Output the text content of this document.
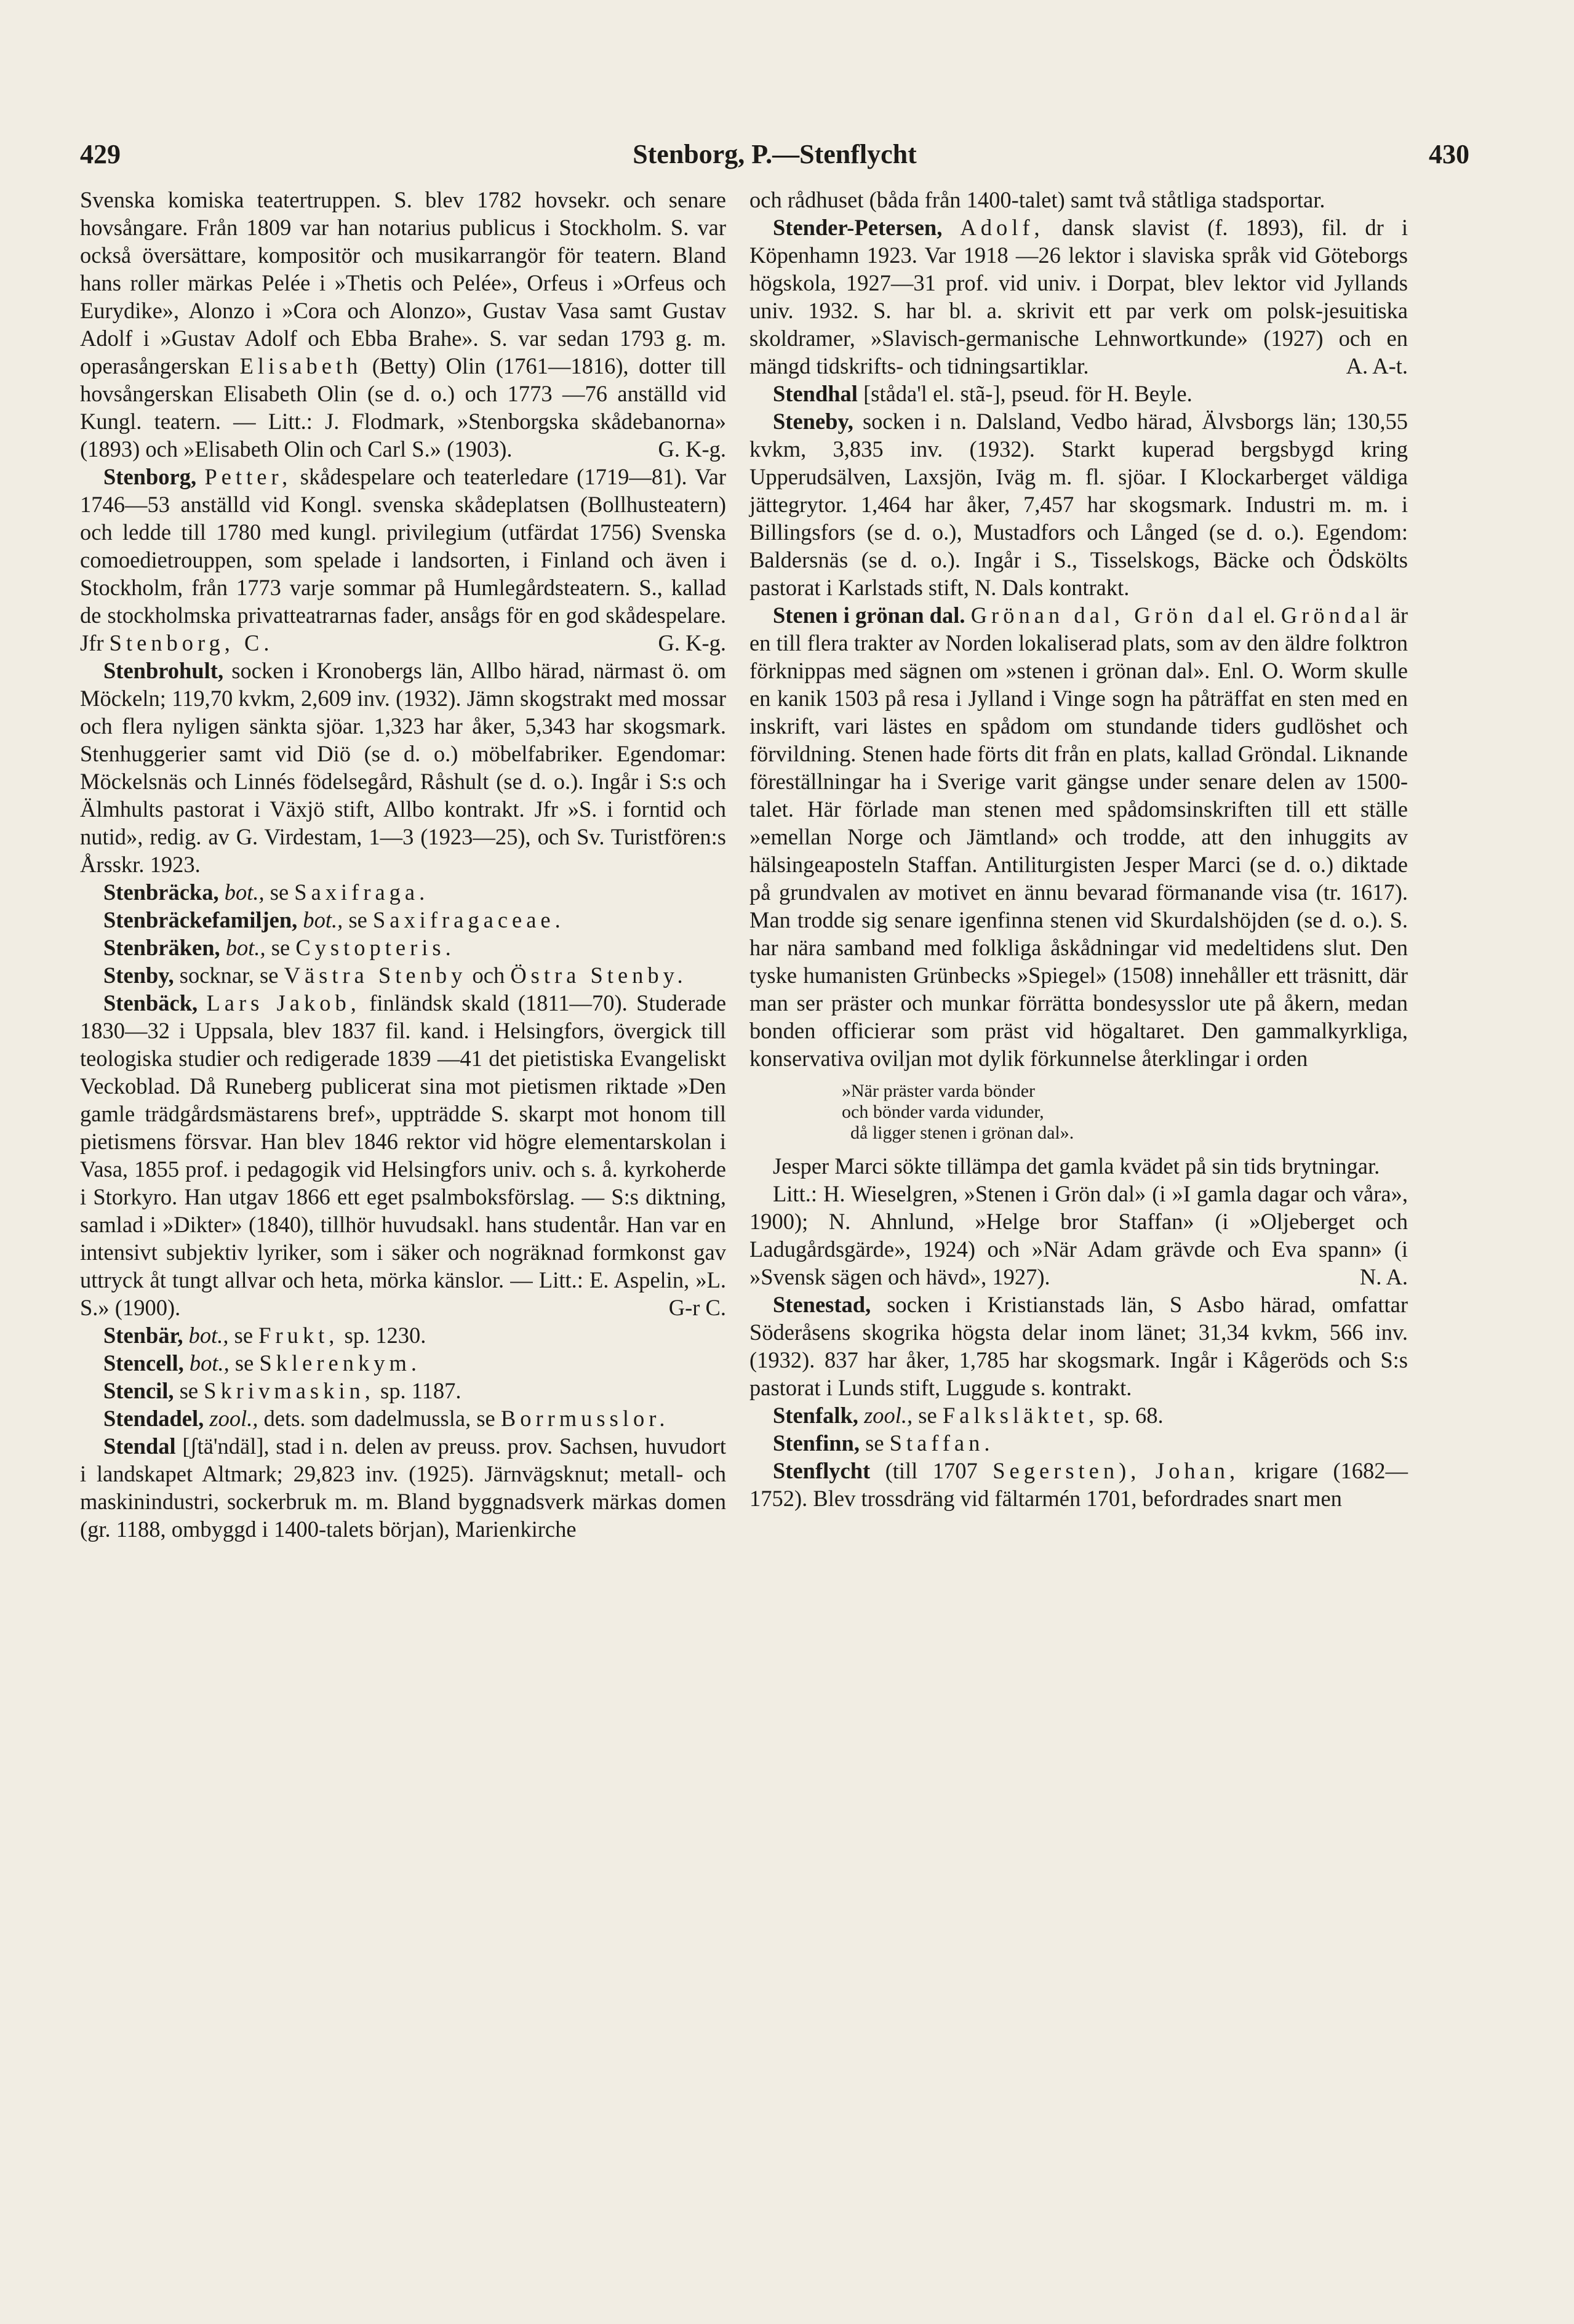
429	Stenborg, P.—Stenflycht	430

Svenska komiska teatertruppen. S. blev 1782 hovsekr. och senare hovsångare. Från 1809 var han notarius publicus i Stockholm. S. var också översättare, kompositör och musikarrangör för teatern. Bland hans roller märkas Pelée i »Thetis och Pelée», Orfeus i »Orfeus och Eurydike», Alonzo i »Cora och Alonzo», Gustav Vasa samt Gustav Adolf i »Gustav Adolf och Ebba Brahe». S. var sedan 1793 g. m. operasångerskan Elisabeth (Betty) Olin (1761—1816), dotter till hovsångerskan Elisabeth Olin (se d. o.) och 1773 —76 anställd vid Kungl. teatern. — Litt.: J. Flodmark, »Stenborgska skådebanorna» (1893) och »Elisabeth Olin och Carl S.» (1903).	G. K-g.

Stenborg, Petter, skådespelare och teaterledare (1719—81). Var 1746—53 anställd vid Kongl. svenska skådeplatsen (Bollhusteatern) och ledde till 1780 med kungl. privilegium (utfärdat 1756) Svenska comoedietrouppen, som spelade i landsorten, i Finland och även i Stockholm, från 1773 varje sommar på Humlegårdsteatern. S., kallad de stockholmska privatteatrarnas fader, ansågs för en god skådespelare. Jfr Stenborg, C.	G. K-g.

Stenbrohult, socken i Kronobergs län, Allbo härad, närmast ö. om Möckeln; 119,70 kvkm, 2,609 inv. (1932). Jämn skogstrakt med mossar och flera nyligen sänkta sjöar. 1,323 har åker, 5,343 har skogsmark. Stenhuggerier samt vid Diö (se d. o.) möbelfabriker. Egendomar: Möckelsnäs och Linnés födelsegård, Råshult (se d. o.). Ingår i S:s och Älmhults pastorat i Växjö stift, Allbo kontrakt. Jfr »S. i forntid och nutid», redig. av G. Virdestam, 1—3 (1923—25), och Sv. Turistfören:s Årsskr. 1923.

Stenbräcka, bot., se Saxifraga.

Stenbräckefamiljen, bot., se Saxifragaceae.

Stenbräken, bot., se Cystopteris.

Stenby, socknar, se Västra Stenby och Östra Stenby.

Stenbäck, Lars Jakob, finländsk skald (1811—70). Studerade 1830—32 i Uppsala, blev 1837 fil. kand. i Helsingfors, övergick till teologiska studier och redigerade 1839 —41 det pietistiska Evangeliskt Veckoblad. Då Runeberg publicerat sina mot pietismen riktade »Den gamle trädgårdsmästarens bref», uppträdde S. skarpt mot honom till pietismens försvar. Han blev 1846 rektor vid högre elementarskolan i Vasa, 1855 prof. i pedagogik vid Helsingfors univ. och s. å. kyrkoherde i Storkyro. Han utgav 1866 ett eget psalmboksförslag. — S:s diktning, samlad i »Dikter» (1840), tillhör huvudsakl. hans studentår. Han var en intensivt subjektiv lyriker, som i säker och nogräknad formkonst gav uttryck åt tungt allvar och heta, mörka känslor. — Litt.: E. Aspelin, »L. S.» (1900).	G-r C.

Stenbär, bot., se Frukt, sp. 1230.

Stencell, bot., se Sklerenkym.

Stencil, se Skrivmaskin, sp. 1187.

Stendadel, zool., dets. som dadelmussla, se Borrmusslor.

Stendal [ʃtä'ndäl], stad i n. delen av preuss. prov. Sachsen, huvudort i landskapet Altmark; 29,823 inv. (1925). Järnvägsknut; metall- och maskinindustri, sockerbruk m. m. Bland byggnadsverk märkas domen (gr. 1188, ombyggd i 1400-talets början), Marienkirche

och rådhuset (båda från 1400-talet) samt två ståtliga stadsportar.

Stender-Petersen, Adolf, dansk slavist (f. 1893), fil. dr i Köpenhamn 1923. Var 1918 —26 lektor i slaviska språk vid Göteborgs högskola, 1927—31 prof. vid univ. i Dorpat, blev lektor vid Jyllands univ. 1932. S. har bl. a. skrivit ett par verk om polsk-jesuitiska skoldramer, »Slavisch-germanische Lehnwortkunde» (1927) och en mängd tidskrifts- och tidningsartiklar.	A. A-t.

Stendhal [ståda'l el. stã-], pseud. för H. Beyle.

Steneby, socken i n. Dalsland, Vedbo härad, Älvsborgs län; 130,55 kvkm, 3,835 inv. (1932). Starkt kuperad bergsbygd kring Upperudsälven, Laxsjön, Iväg m. fl. sjöar. I Klockarberget väldiga jättegrytor. 1,464 har åker, 7,457 har skogsmark. Industri m. m. i Billingsfors (se d. o.), Mustadfors och Långed (se d. o.). Egendom: Baldersnäs (se d. o.). Ingår i S., Tisselskogs, Bäcke och Ödskölts pastorat i Karlstads stift, N. Dals kontrakt.

Stenen i grönan dal. Grönan dal, Grön dal el. Gröndal är en till flera trakter av Norden lokaliserad plats, som av den äldre folktron förknippas med sägnen om »stenen i grönan dal». Enl. O. Worm skulle en kanik 1503 på resa i Jylland i Vinge sogn ha påträffat en sten med en inskrift, vari lästes en spådom om stundande tiders gudlöshet och förvildning. Stenen hade förts dit från en plats, kallad Gröndal. Liknande föreställningar ha i Sverige varit gängse under senare delen av 1500-talet. Här förlade man stenen med spådomsinskriften till ett ställe »emellan Norge och Jämtland» och trodde, att den inhuggits av hälsingeaposteln Staffan. Antiliturgisten Jesper Marci (se d. o.) diktade på grundvalen av motivet en ännu bevarad förmanande visa (tr. 1617). Man trodde sig senare igenfinna stenen vid Skurdalshöjden (se d. o.). S. har nära samband med folkliga åskådningar vid medeltidens slut. Den tyske humanisten Grünbecks »Spiegel» (1508) innehåller ett träsnitt, där man ser präster och munkar förrätta bondesysslor ute på åkern, medan bonden officierar som präst vid högaltaret. Den gammalkyrkliga, konservativa oviljan mot dylik förkunnelse återklingar i orden

»När präster varda bönder
och bönder varda vidunder,
då ligger stenen i grönan dal».

Jesper Marci sökte tillämpa det gamla kvädet på sin tids brytningar.

Litt.: H. Wieselgren, »Stenen i Grön dal» (i »I gamla dagar och våra», 1900); N. Ahnlund, »Helge bror Staffan» (i »Oljeberget och Ladugårdsgärde», 1924) och »När Adam grävde och Eva spann» (i »Svensk sägen och hävd», 1927).	N. A.

Stenestad, socken i Kristianstads län, S Asbo härad, omfattar Söderåsens skogrika högsta delar inom länet; 31,34 kvkm, 566 inv. (1932). 837 har åker, 1,785 har skogsmark. Ingår i Kågeröds och S:s pastorat i Lunds stift, Luggude s. kontrakt.

Stenfalk, zool., se Falksläktet, sp. 68.

Stenfinn, se Staffan.

Stenflycht (till 1707 Segersten), Johan, krigare (1682—1752). Blev trossdräng vid fältarmén 1701, befordrades snart men
